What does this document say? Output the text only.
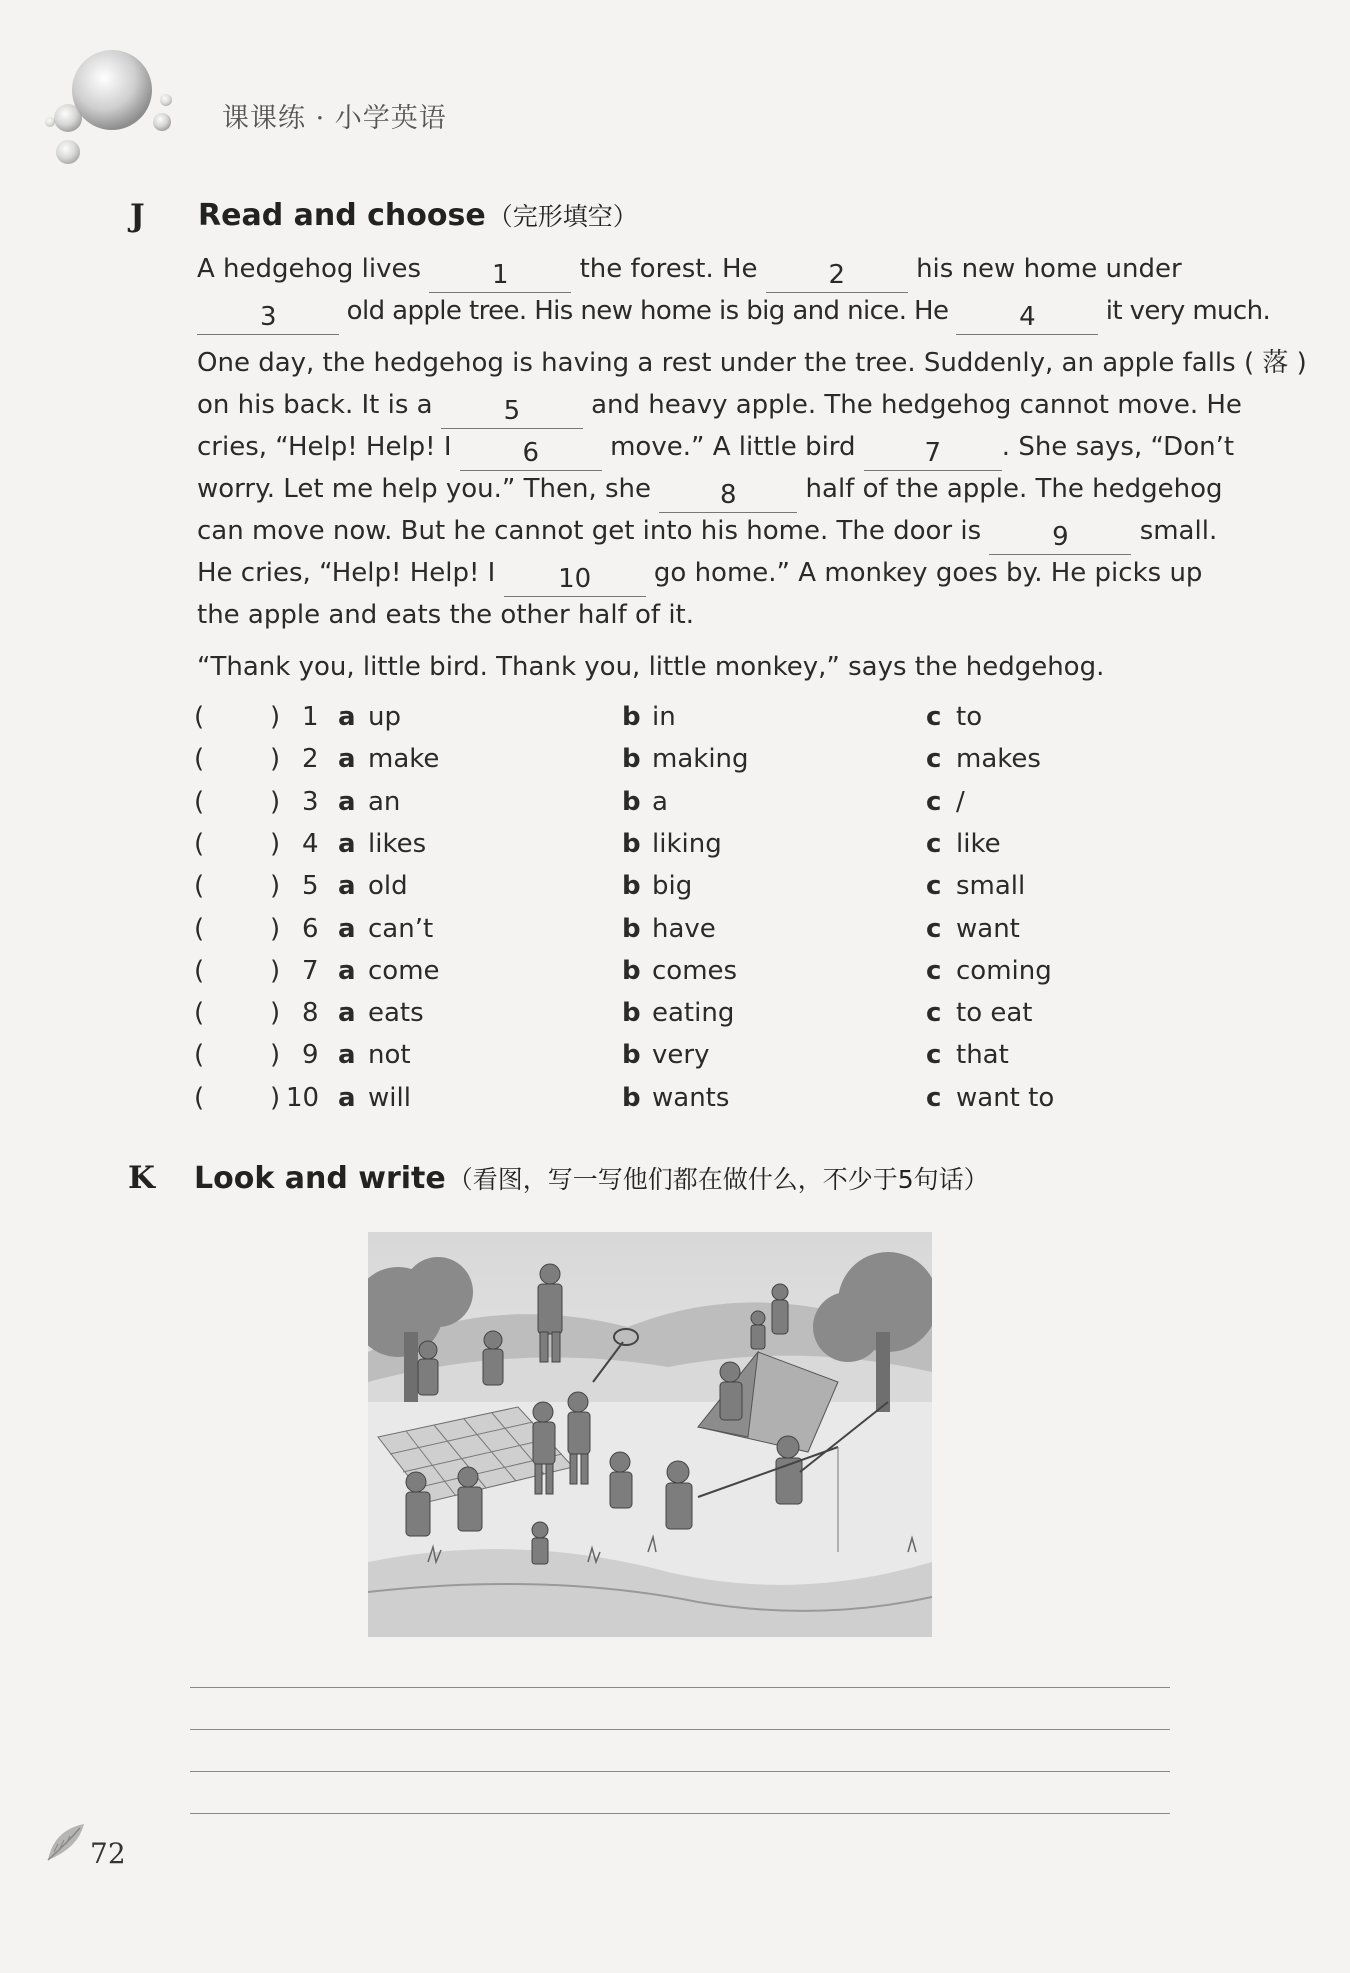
课课练 · 小学英语
J Read and choose（完形填空）
A hedgehog lives	1	the forest. He	2	his new home under
3	old apple tree. His new home is big and nice. He	4	it very much.
One day, the hedgehog is having a rest under the tree. Suddenly, an apple falls ( 落 )
on his back. It is a	5	and heavy apple. The hedgehog cannot move. He
cries, “Help! Help! I	6	move.” A little bird	7 . She says, “Don’t
worry. Let me help you.” Then, she	8	half of the apple. The hedgehog
can move now. But he cannot get into his home. The door is	9	small.
He cries, “Help! Help! I 10 go home.” A monkey goes by. He picks up
the apple and eats the other half of it.
“Thank you, little bird. Thank you, little monkey,” says the hedgehog.
(	) 1 a up	b in	c to
(	) 2 a make	b making	c makes
(	) 3 a an	b a	c /
(	) 4 a likes	b liking	c like
(	) 5 a old	b big	c small
(	) 6 a can’t	b have	c want
(	) 7 a come	b comes	c coming
(	) 8 a eats	b eating	c to eat
(	) 9 a not	b very	c that
(	) 10 a will	b wants	c want to
K Look and write（看图，写一写他们都在做什么，不少于5句话）
72
